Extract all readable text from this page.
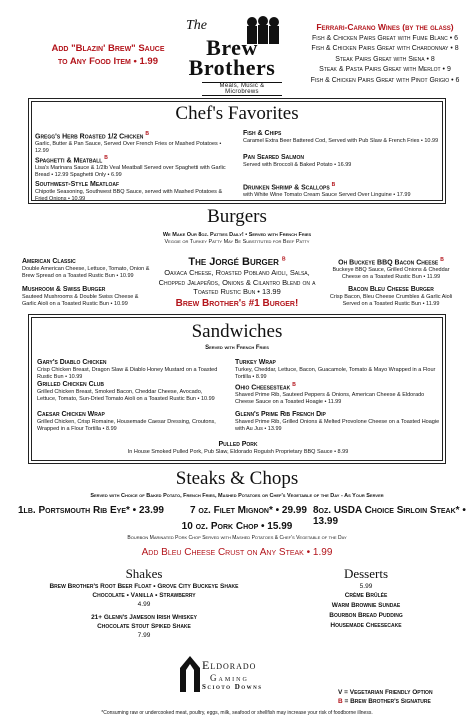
Add "Blazin' Brew" Sauce
to Any Food Item • 1.99
The
Brew
Brothers
Meals, Music & Microbrews
Ferrari-Carano Wines (by the glass)
Fish & Chicken Pairs Great with Fume Blanc • 6
Fish & Chicken Pairs Great with Chardonnay • 8
Steak Pairs Great with Siena • 8
Steak & Pasta Pairs Great with Merlot • 9
Fish & Chicken Pairs Great with Pinot Grigio • 6
Chef's Favorites
Gregg's Herb Roasted 1/2 Chicken $^B$
Garlic, Butter & Pan Sauce, Served Over French Fries or Mashed Potatoes • 12.99
Fish & Chips
Caramel Extra Beer Battered Cod, Served with Pub Slaw & French Fries • 10.99
Spaghetti & Meatball $^B$
Lisa's Marinara Sauce & 1/2lb Veal Meatball Served over Spaghetti with Garlic Bread • 12.99 Spaghetti Only • 6.99
Pan Seared Salmon
Served with Broccoli & Baked Potato • 16.99
Southwest-Style Meatloaf
Chipotle Seasoning, Southwest BBQ Sauce, served with Mashed Potatoes & Fried Onions • 10.99
Drunken Shrimp & Scallops $^B$
with White Wine Tomato Cream Sauce Served Over Linguine • 17.99
Burgers
We Make Our 8oz. Patties Daily! • Served with French Fries
Veggie or Turkey Patty May Be Substituted for Beef Patty
American Classic
Double American Cheese, Lettuce, Tomato, Onion & Brew Spread on a Toasted Rustic Bun • 10.99
Mushroom & Swiss Burger
Sauteed Mushrooms & Double Swiss Cheese & Garlic Aioli on a Toasted Rustic Bun • 10.99
The Jorgé Burger $^B$
Oaxaca Cheese, Roasted Poblano Aioli, Salsa,
Chopped Jalapeños, Onions & Cilantro Blend on a
Toasted Rustic Bun • 13.99
Brew Brother's #1 Burger!
Oh Buckeye BBQ Bacon Cheese $^B$
Buckeye BBQ Sauce, Grilled Onions & Cheddar Cheese on a Toasted Rustic Bun • 11.99
Bacon Bleu Cheese Burger
Crisp Bacon, Bleu Cheese Crumbles & Garlic Aioli Served on a Toasted Rustic Bun • 11.99
Sandwiches
Served with French Fries
Gary's Diablo Chicken
Crisp Chicken Breast, Dragon Slaw & Diablo Honey Mustard on a Toasted Rustic Bun • 10.99
Turkey Wrap
Turkey, Cheddar, Lettuce, Bacon, Guacamole, Tomato & Mayo Wrapped in a Flour Tortilla • 8.99
Grilled Chicken Club
Grilled Chicken Breast, Smoked Bacon, Cheddar Cheese, Avocado, Lettuce, Tomato, Sun-Dried Tomato Aioli on a Toasted Rustic Bun • 10.99
Ohio Cheesesteak $^B$
Shaved Prime Rib, Sauteed Peppers & Onions, American Cheese & Eldorado Cheese Sauce on a Toasted Hoagie • 11.99
Caesar Chicken Wrap
Grilled Chicken, Crisp Romaine, Housemade Caesar Dressing, Croutons, Wrapped in a Flour Tortilla • 8.99
Glenn's Prime Rib French Dip
Shaved Prime Rib, Grilled Onions & Melted Provolone Cheese on a Toasted Hoagie with Au Jus • 13.99
Pulled Pork
In House Smoked Pulled Pork, Pub Slaw, Eldorado Roguish Proprietary BBQ Sauce • 8.99
Steaks & Chops
Served with Choice of Baked Potato, French Fries, Mashed Potatoes or Chef's Vegetable of the Day - As Your Server
1lb. Portsmouth Rib Eye* • 23.99	7 oz. Filet Mignon* • 29.99 8oz. USDA Choice Sirloin Steak* • 13.99
10 oz. Pork Chop • 15.99
Bourbon Marinated Pork Chop Served with Mashed Potatoes & Chef's Vegetable of the Day
Add Bleu Cheese Crust on Any Steak • 1.99
Shakes
Brew Brother's Root Beer Float • Grove City Buckeye Shake
Chocolate • Vanilla • Strawberry
4.99
21+ Glenn's Jameson Irish Whiskey
Chocolate Stout Spiked Shake
7.99
Desserts
5.99
Crème Brûlée
Warm Brownie Sundae
Bourbon Bread Pudding
Housemade Cheesecake
Eldorado
Gaming
Scioto Downs
V = Vegetarian Friendly Option
B = Brew Brother's Signature
*Consuming raw or undercooked meat, poultry, eggs, milk, seafood or shellfish may increase your risk of foodborne illness.
